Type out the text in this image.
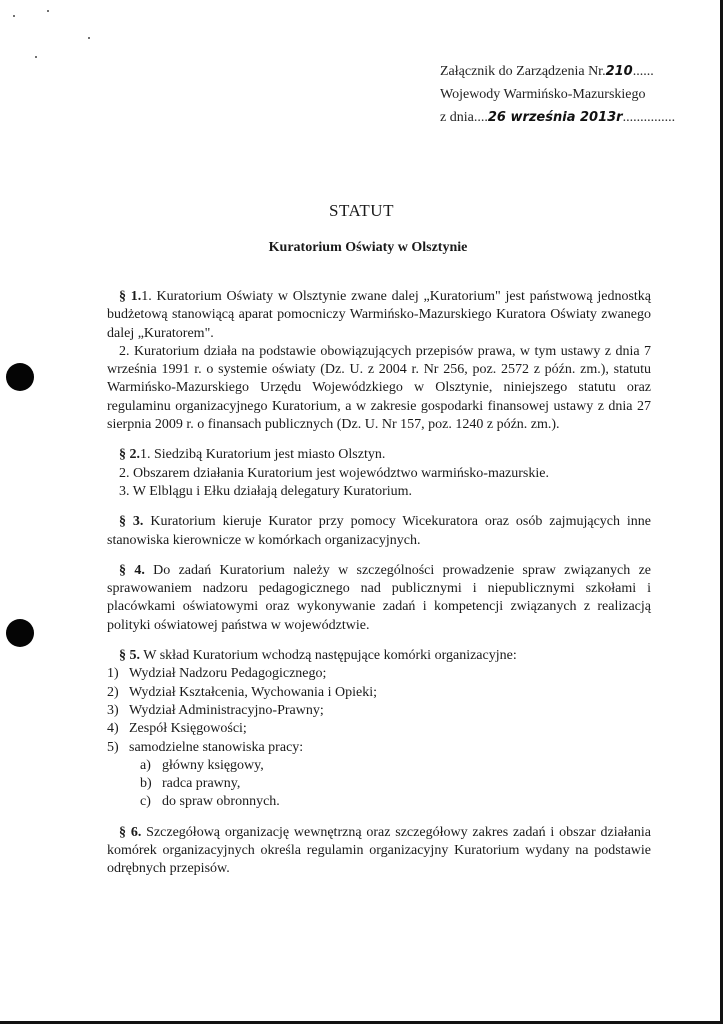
Załącznik do Zarządzenia Nr.210......
Wojewody Warmińsko-Mazurskiego
z dnia....26 września 2013r...............
STATUT
Kuratorium Oświaty w Olsztynie

§ 1.1. Kuratorium Oświaty w Olsztynie zwane dalej „Kuratorium" jest państwową jednostką budżetową stanowiącą aparat pomocniczy Warmińsko-Mazurskiego Kuratora Oświaty zwanego dalej „Kuratorem".

2. Kuratorium działa na podstawie obowiązujących przepisów prawa, w tym ustawy z dnia 7 września 1991 r. o systemie oświaty (Dz. U. z 2004 r. Nr 256, poz. 2572 z późn. zm.), statutu Warmińsko-Mazurskiego Urzędu Wojewódzkiego w Olsztynie, niniejszego statutu oraz regulaminu organizacyjnego Kuratorium, a w zakresie gospodarki finansowej ustawy z dnia 27 sierpnia 2009 r. o finansach publicznych (Dz. U. Nr 157, poz. 1240 z późn. zm.).

§ 2.1. Siedzibą Kuratorium jest miasto Olsztyn.
2. Obszarem działania Kuratorium jest województwo warmińsko-mazurskie.
3. W Elblągu i Ełku działają delegatury Kuratorium.

§ 3. Kuratorium kieruje Kurator przy pomocy Wicekuratora oraz osób zajmujących inne stanowiska kierownicze w komórkach organizacyjnych.

§ 4. Do zadań Kuratorium należy w szczególności prowadzenie spraw związanych ze sprawowaniem nadzoru pedagogicznego nad publicznymi i niepublicznymi szkołami i placówkami oświatowymi oraz wykonywanie zadań i kompetencji związanych z realizacją polityki oświatowej państwa w województwie.

§ 5. W skład Kuratorium wchodzą następujące komórki organizacyjne:
1) Wydział Nadzoru Pedagogicznego;
2) Wydział Kształcenia, Wychowania i Opieki;
3) Wydział Administracyjno-Prawny;
4) Zespół Księgowości;
5) samodzielne stanowiska pracy:
a) główny księgowy,
b) radca prawny,
c) do spraw obronnych.

§ 6. Szczegółową organizację wewnętrzną oraz szczegółowy zakres zadań i obszar działania komórek organizacyjnych określa regulamin organizacyjny Kuratorium wydany na podstawie odrębnych przepisów.
